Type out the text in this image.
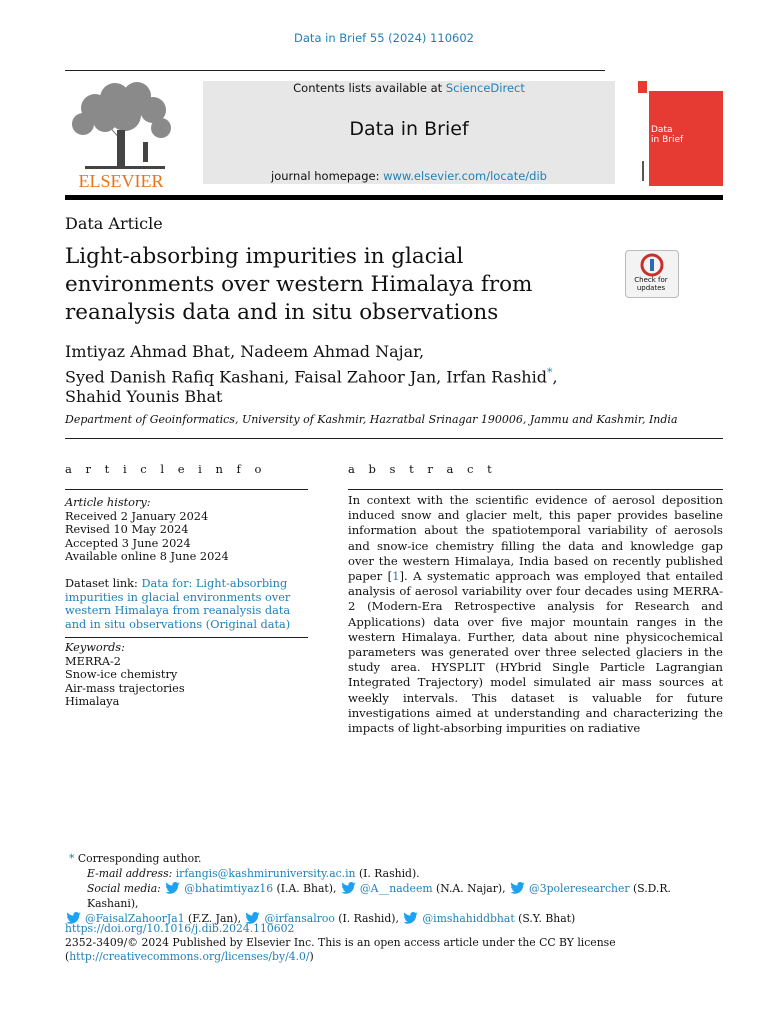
Data in Brief 55 (2024) 110602
ELSEVIER
Contents lists available at ScienceDirect
Data in Brief
journal homepage: www.elsevier.com/locate/dib
Data
in Brief
Data Article
Light-absorbing impurities in glacial environments over western Himalaya from reanalysis data and in situ observations
Check for
updates
Imtiyaz Ahmad Bhat, Nadeem Ahmad Najar,
Syed Danish Rafiq Kashani, Faisal Zahoor Jan, Irfan Rashid*,
Shahid Younis Bhat
Department of Geoinformatics, University of Kashmir, Hazratbal Srinagar 190006, Jammu and Kashmir, India
a r t i c l e i n f o
Article history:
Received 2 January 2024
Revised 10 May 2024
Accepted 3 June 2024
Available online 8 June 2024
Dataset link: Data for: Light-absorbing impurities in glacial environments over western Himalaya from reanalysis data and in situ observations (Original data)
Keywords:
MERRA-2
Snow-ice chemistry
Air-mass trajectories
Himalaya
a b s t r a c t
In context with the scientific evidence of aerosol deposition induced snow and glacier melt, this paper provides baseline information about the spatiotemporal variability of aerosols and snow-ice chemistry filling the data and knowledge gap over the western Himalaya, India based on recently published paper [1]. A systematic approach was employed that entailed analysis of aerosol variability over four decades using MERRA-2 (Modern-Era Retrospective analysis for Research and Applications) data over five major mountain ranges in the western Himalaya. Further, data about nine physicochemical parameters was generated over three selected glaciers in the study area. HYSPLIT (HYbrid Single Particle Lagrangian Integrated Trajectory) model simulated air mass sources at weekly intervals. This dataset is valuable for future investigations aimed at understanding and characterizing the impacts of light-absorbing impurities on radiative
* Corresponding author.
E-mail address: irfangis@kashmiruniversity.ac.in (I. Rashid).
Social media: @bhatimtiyaz16 (I.A. Bhat), @A__nadeem (N.A. Najar), @3poleresearcher (S.D.R. Kashani),
@FaisalZahoorJa1 (F.Z. Jan), @irfansalroo (I. Rashid), @imshahiddbhat (S.Y. Bhat)
https://doi.org/10.1016/j.dib.2024.110602
2352-3409/© 2024 Published by Elsevier Inc. This is an open access article under the CC BY license
(http://creativecommons.org/licenses/by/4.0/)
